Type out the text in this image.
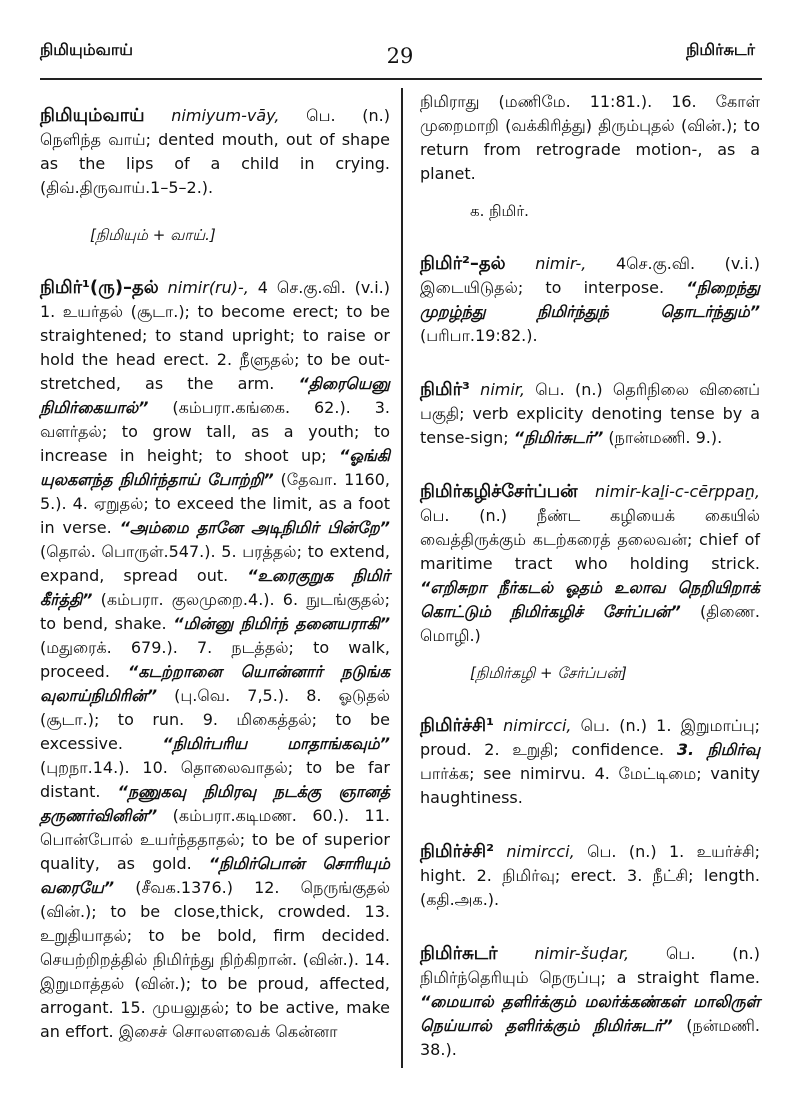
நிமியும்வாய்	29	நிமிர்சுடர்

நிமியும்வாய் nimiyum-vāy, பெ. (n.) நெளிந்த வாய்; dented mouth, out of shape as the lips of a child in crying. (திவ்.திருவாய்.1–5–2.).

[நிமியும் + வாய்.]

நிமிர்¹(ரு)–தல் nimir(ru)-, 4 செ.கு.வி. (v.i.) 1. உயர்தல் (சூடா.); to become erect; to be straightened; to stand upright; to raise or hold the head erect. 2. நீளுதல்; to be out-stretched, as the arm. “திரையெனு நிமிர்கையால்” (கம்பரா.கங்கை. 62.). 3. வளர்தல்; to grow tall, as a youth; to increase in height; to shoot up; “ஓங்கி யுலகளந்த நிமிர்ந்தாய் போற்றி” (தேவா. 1160, 5.). 4. ஏறுதல்; to exceed the limit, as a foot in verse. “அம்மை தானே அடிநிமிர் பின்றே” (தொல். பொருள்.547.). 5. பரத்தல்; to extend, expand, spread out. “உரைகுறுக நிமிர் கீர்த்தி” (கம்பரா. குலமுறை.4.). 6. நுடங்குதல்; to bend, shake. “மின்னு நிமிர்ந் தனையராகி” (மதுரைக். 679.). 7. நடத்தல்; to walk, proceed. “கடற்றானை யொன்னார் நடுங்க வுலாய்நிமிரின்” (பு.வெ. 7,5.). 8. ஓடுதல் (சூடா.); to run. 9. மிகைத்தல்; to be excessive. “நிமிர்பரிய மாதாங்கவும்” (புறநா.14.). 10. தொலைவாதல்; to be far distant. “நணுகவு நிமிரவு நடக்கு ஞானத் தருணர்வினின்” (கம்பரா.கடிமண. 60.). 11. பொன்போல் உயர்ந்ததாதல்; to be of superior quality, as gold. “நிமிர்பொன் சொரியும் வரையே” (சீவக.1376.) 12. நெருங்குதல் (வின்.); to be close,thick, crowded. 13. உறுதியாதல்; to be bold, firm decided. செயற்றிறத்தில் நிமிர்ந்து நிற்கிறான். (வின்.). 14. இறுமாத்தல் (வின்.); to be proud, affected, arrogant. 15. முயலுதல்; to be active, make an effort. இசைச் சொலளவைக் கென்னா

நிமிராது (மணிமே. 11:81.). 16. கோள் முறைமாறி (வக்கிரித்து) திரும்புதல் (வின்.); to return from retrograde motion-, as a planet.

க. நிமிர்.

நிமிர்²–தல் nimir-, 4செ.கு.வி. (v.i.) இடையிடுதல்; to interpose. “நிறைந்து முறழ்ந்து நிமிர்ந்துந் தொடர்ந்தும்” (பரிபா.19:82.).

நிமிர்³ nimir, பெ. (n.) தெரிநிலை வினைப் பகுதி; verb explicity denoting tense by a tense-sign; “நிமிர்சுடர்” (நான்மணி. 9.).

நிமிர்கழிச்சேர்ப்பன் nimir-kaḻi-c-cērppaṉ, பெ. (n.) நீண்ட கழியைக் கையில் வைத்திருக்கும் கடற்கரைத் தலைவன்; chief of maritime tract who holding strick. “எறிசுறா நீர்கடல் ஓதம் உலாவ நெறியிறாக் கொட்டும் நிமிர்கழிச் சேர்ப்பன்” (திணை. மொழி.)

[நிமிர்கழி + சேர்ப்பன்]

நிமிர்ச்சி¹ nimircci, பெ. (n.) 1. இறுமாப்பு; proud. 2. உறுதி; confidence. 3. நிமிர்வு பார்க்க; see nimirvu. 4. மேட்டிமை; vanity haughtiness.

நிமிர்ச்சி² nimircci, பெ. (n.) 1. உயர்ச்சி; hight. 2. நிமிர்வு; erect. 3. நீட்சி; length. (கதி.அக.).

நிமிர்சுடர் nimir-šuḍar, பெ. (n.) நிமிர்ந்தெரியும் நெருப்பு; a straight flame. “மையால் தளிர்க்கும் மலர்க்கண்கள் மாலிருள் நெய்யால் தளிர்க்கும் நிமிர்சுடர்” (நன்மணி. 38.).
